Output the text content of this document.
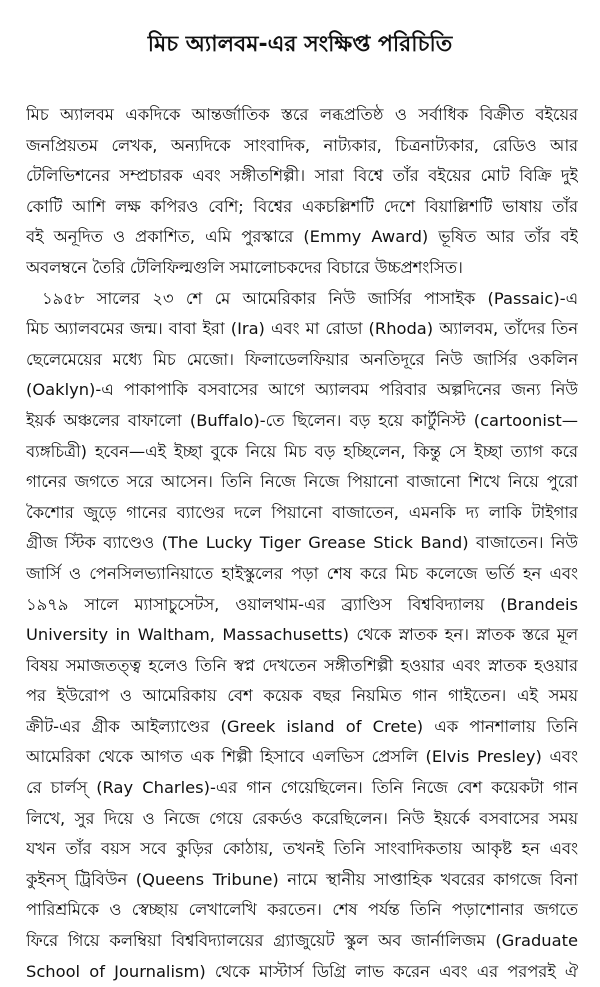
মিচ অ্যালবম-এর সংক্ষিপ্ত পরিচিতি
মিচ অ্যালবম একদিকে আন্তর্জাতিক স্তরে লব্ধপ্রতিষ্ঠ ও সর্বাধিক বিক্রীত বইয়ের
জনপ্রিয়তম লেখক, অন্যদিকে সাংবাদিক, নাট্যকার, চিত্রনাট্যকার, রেডিও আর
টেলিভিশনের সম্প্রচারক এবং সঙ্গীতশিল্পী। সারা বিশ্বে তাঁর বইয়ের মোট বিক্রি দুই
কোটি আশি লক্ষ কপিরও বেশি; বিশ্বের একচল্লিশটি দেশে বিয়াল্লিশটি ভাষায় তাঁর
বই অনূদিত ও প্রকাশিত, এমি পুরস্কারে (Emmy Award) ভূষিত আর তাঁর বই
অবলম্বনে তৈরি টেলিফিল্মগুলি সমালোচকদের বিচারে উচ্চপ্রশংসিত।
১৯৫৮ সালের ২৩ শে মে আমেরিকার নিউ জার্সির পাসাইক (Passaic)-এ
মিচ অ্যালবমের জন্ম। বাবা ইরা (Ira) এবং মা রোডা (Rhoda) অ্যালবম, তাঁদের তিন
ছেলেমেয়ের মধ্যে মিচ মেজো। ফিলাডেলফিয়ার অনতিদূরে নিউ জার্সির ওকলিন
(Oaklyn)-এ পাকাপাকি বসবাসের আগে অ্যালবম পরিবার অল্পদিনের জন্য নিউ
ইয়র্ক অঞ্চলের বাফালো (Buffalo)-তে ছিলেন। বড় হয়ে কার্টুনিস্ট (cartoonist—
ব্যঙ্গচিত্রী) হবেন—এই ইচ্ছা বুকে নিয়ে মিচ বড় হচ্ছিলেন, কিন্তু সে ইচ্ছা ত্যাগ করে
গানের জগতে সরে আসেন। তিনি নিজে নিজে পিয়ানো বাজানো শিখে নিয়ে পুরো
কৈশোর জুড়ে গানের ব্যাণ্ডের দলে পিয়ানো বাজাতেন, এমনকি দ্য লাকি টাইগার
গ্রীজ স্টিক ব্যাণ্ডেও (The Lucky Tiger Grease Stick Band) বাজাতেন। নিউ
জার্সি ও পেনসিলভ্যানিয়াতে হাইস্কুলের পড়া শেষ করে মিচ কলেজে ভর্তি হন এবং
১৯৭৯ সালে ম্যাসাচুসেটস, ওয়ালথাম-এর ব্র্যাণ্ডিস বিশ্ববিদ্যালয় (Brandeis
University in Waltham, Massachusetts) থেকে স্নাতক হন। স্নাতক স্তরে মূল
বিষয় সমাজতত্ত্ব হলেও তিনি স্বপ্ন দেখতেন সঙ্গীতশিল্পী হওয়ার এবং স্নাতক হওয়ার
পর ইউরোপ ও আমেরিকায় বেশ কয়েক বছর নিয়মিত গান গাইতেন। এই সময়
ক্রীট-এর গ্রীক আইল্যাণ্ডের (Greek island of Crete) এক পানশালায় তিনি
আমেরিকা থেকে আগত এক শিল্পী হিসাবে এলভিস প্রেসলি (Elvis Presley) এবং
রে চার্লস্ (Ray Charles)-এর গান গেয়েছিলেন। তিনি নিজে বেশ কয়েকটা গান
লিখে, সুর দিয়ে ও নিজে গেয়ে রেকর্ডও করেছিলেন। নিউ ইয়র্কে বসবাসের সময়
যখন তাঁর বয়স সবে কুড়ির কোঠায়, তখনই তিনি সাংবাদিকতায় আকৃষ্ট হন এবং
কুইনস্ ট্রিবিউন (Queens Tribune) নামে স্থানীয় সাপ্তাহিক খবরের কাগজে বিনা
পারিশ্রমিকে ও স্বেচ্ছায় লেখালেখি করতেন। শেষ পর্যন্ত তিনি পড়াশোনার জগতে
ফিরে গিয়ে কলম্বিয়া বিশ্ববিদ্যালয়ের গ্র্যাজুয়েট স্কুল অব জার্নালিজম (Graduate
School of Journalism) থেকে মাস্টার্স ডিগ্রি লাভ করেন এবং এর পরপরই ঐ
